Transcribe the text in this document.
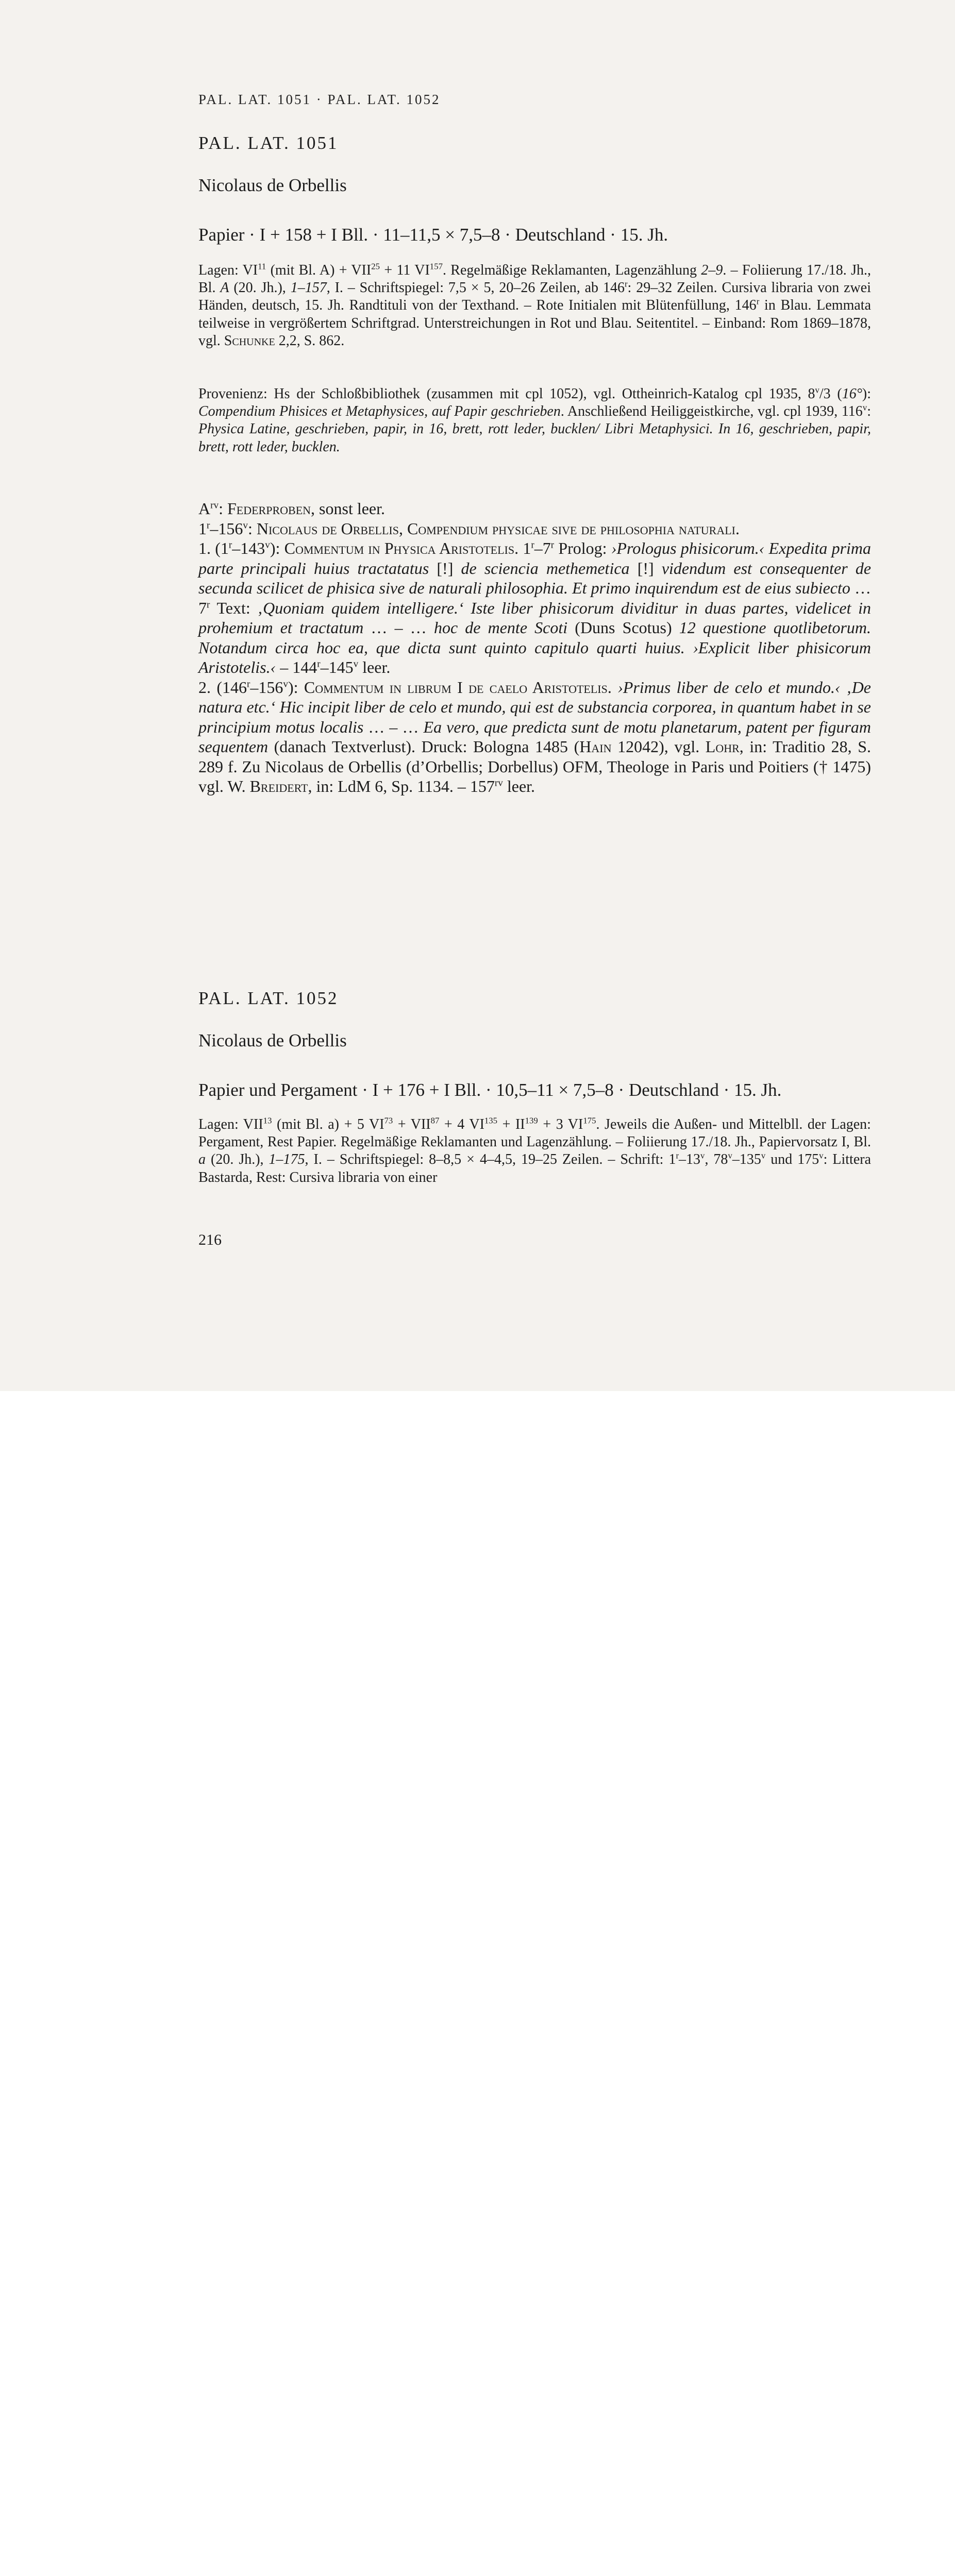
PAL. LAT. 1051 · PAL. LAT. 1052
PAL. LAT. 1051
Nicolaus de Orbellis
Papier · I + 158 + I Bll. · 11–11,5 × 7,5–8 · Deutschland · 15. Jh.

Lagen: VI$^{11}$ (mit Bl. $A) + VII^{25} + 11$ VI$^{157}$. Regelmäßige Reklamanten, Lagenzählung 2–9. – Foliierung 17./18. Jh., Bl. A (20. Jh.), 1–157, I. – Schriftspiegel: 7,5 × 5, 20–26 Zeilen, ab 146$^r$: 29–32 Zeilen. Cursiva libraria von zwei Händen, deutsch, 15. Jh. Randtituli von der Texthand. – Rote Initialen mit Blütenfüllung, 146$^r$ in Blau. Lemmata teilweise in vergrößertem Schriftgrad. Unterstreichungen in Rot und Blau. Seitentitel. – Einband: Rom 1869–1878, vgl. Schunke 2,2, S. 862.

Provenienz: Hs der Schloßbibliothek (zusammen mit cpl 1052), vgl. Ottheinrich-Katalog cpl 1935, 8$^v$/3 (16°): Compendium Phisices et Metaphysices, auf Papir geschrieben. Anschließend Heiliggeistkirche, vgl. cpl 1939, 116$^v$: Physica Latine, geschrieben, papir, in 16, brett, rott leder, bucklen/ Libri Metaphysici. In 16, geschrieben, papir, brett, rott leder, bucklen.

$A^{rv}$: Federproben, sonst leer.
1$^r$–156$^v$: Nicolaus de Orbellis, Compendium physicae sive de philosophia naturali.
1. (1$^r$–143$^v$): Commentum in Physica Aristotelis. 1$^r$–7$^r$ Prolog: ›Prologus phisicorum.‹ Expedita prima parte principali huius tractatatus [!] de sciencia methemetica [!] videndum est consequenter de secunda scilicet de phisica sive de naturali philosophia. Et primo inquirendum est de eius subiecto … 7$^r$ Text: ‚Quoniam quidem intelligere.‘ Iste liber phisicorum dividitur in duas partes, videlicet in prohemium et tractatum … – … hoc de mente Scoti (Duns Scotus) 12 questione quotlibetorum. Notandum circa hoc ea, que dicta sunt quinto capitulo quarti huius. ›Explicit liber phisicorum Aristotelis.‹ – 144$^r$–145$^v$ leer.
2. (146$^r$–156$^v$): Commentum in librum I de caelo Aristotelis. ›Primus liber de celo et mundo.‹ ‚De natura etc.‘ Hic incipit liber de celo et mundo, qui est de substancia corporea, in quantum habet in se principium motus localis … – … Ea vero, que predicta sunt de motu planetarum, patent per figuram sequentem (danach Textverlust). Druck: Bologna 1485 (Hain 12042), vgl. Lohr, in: Traditio 28, S. 289 f. Zu Nicolaus de Orbellis (d’Orbellis; Dorbellus) OFM, Theologe in Paris und Poitiers († 1475) vgl. W. Breidert, in: LdM 6, Sp. 1134. – $157^{rv}$ leer.

PAL. LAT. 1052
Nicolaus de Orbellis
Papier und Pergament · I + 176 + I Bll. · 10,5–11 × 7,5–8 · Deutschland · 15. Jh.

Lagen: VII$^{13}$ (mit Bl. a) + 5 $VI^{73} + VII^{87} + 4$ $VI^{135} + II^{139} + 3$ VI$^{175}$. Jeweils die Außen- und Mittelbll. der Lagen: Pergament, Rest Papier. Regelmäßige Reklamanten und Lagenzählung. – Foliierung 17./18. Jh., Papiervorsatz I, Bl. a (20. Jh.), 1–175, I. – Schriftspiegel: 8–8,5 × 4–4,5, 19–25 Zeilen. – Schrift: 1$^r$–13$^v$, 78$^v$–135$^v$ und 175$^v$: Littera Bastarda, Rest: Cursiva libraria von einer

216
